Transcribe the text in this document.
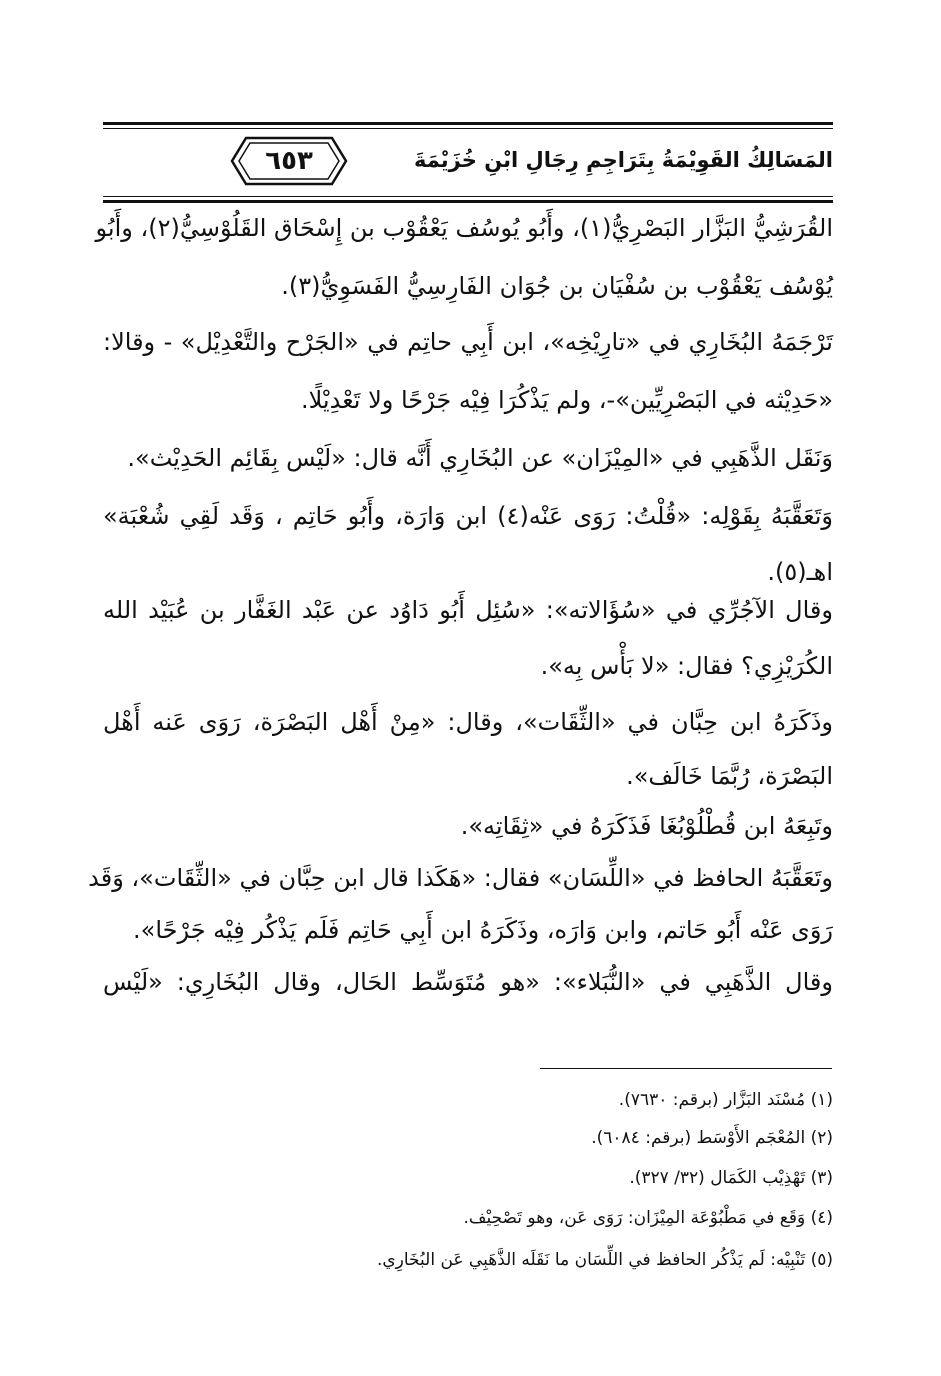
٦٥٣	المَسَالِكُ القَوِيْمَةُ بِتَرَاجِمِ رِجَالِ ابْنِ خُزَيْمَةَ
القُرَشِيُّ البَزَّار البَصْرِيُّ(١)، وأَبُو يُوسُف يَعْقُوْب بن إِسْحَاق القَلُوْسِيُّ(٢)، وأَبُو
يُوْسُف يَعْقُوْب بن سُفْيَان بن جُوَان الفَارِسِيُّ الفَسَوِيُّ(٣).
تَرْجَمَهُ البُخَارِي في «تارِيْخِه»، ابن أَبِي حاتِم في «الجَرْح والتَّعْدِيْل» - وقالا:
«حَدِيْثه في البَصْرِيِّين»-، ولم يَذْكُرَا فِيْه جَرْحًا ولا تَعْدِيْلًا.
وَنَقَل الذَّهَبِي في «المِيْزَان» عن البُخَارِي أَنَّه قال: «لَيْس بِقَائِم الحَدِيْث».
وَتَعَقَّبَهُ بِقَوْلِه: «قُلْتُ: رَوَى عَنْه(٤) ابن وَارَة، وأَبُو حَاتِم ، وَقَد لَقِي شُعْبَة»
اهـ(٥).
وقال الآجُرِّي في «سُؤَالاته»: «سُئِل أَبُو دَاوُد عن عَبْد الغَفَّار بن عُبَيْد الله
الكُرَيْزِي؟ فقال: «لا بَأْس بِه».
وذَكَرَهُ ابن حِبَّان في «الثِّقَات»، وقال: «مِنْ أَهْل البَصْرَة، رَوَى عَنه أَهْل
البَصْرَة، رُبَّمَا خَالَف».
وتَبِعَهُ ابن قُطْلُوْبُغَا فَذَكَرَهُ في «ثِقَاتِه».
وتَعَقَّبَهُ الحافظ في «اللِّسَان» فقال: «هَكَذا قال ابن حِبَّان في «الثِّقَات»، وَقَد
رَوَى عَنْه أَبُو حَاتم، وابن وَارَه، وذَكَرَهُ ابن أَبِي حَاتِم فَلَم يَذْكُر فِيْه جَرْحًا».
وقال الذَّهَبِي في «النُّبَلاء»: «هو مُتَوَسِّط الحَال، وقال البُخَارِي: «لَيْس
(١) مُسْنَد البَزَّار (برقم: ٧٦٣٠).
(٢) المُعْجَم الأَوْسَط (برقم: ٦٠٨٤).
(٣) تَهْذِيْب الكَمَال (٣٢/ ٣٢٧).
(٤) وَقَع في مَطْبُوْعَة المِيْزَان: رَوَى عَن، وهو تَصْحِيْف.
(٥) تَنْبِيْه: لَم يَذْكُر الحافظ في اللِّسَان ما نَقَلَه الذَّهَبِي عَن البُخَارِي.
